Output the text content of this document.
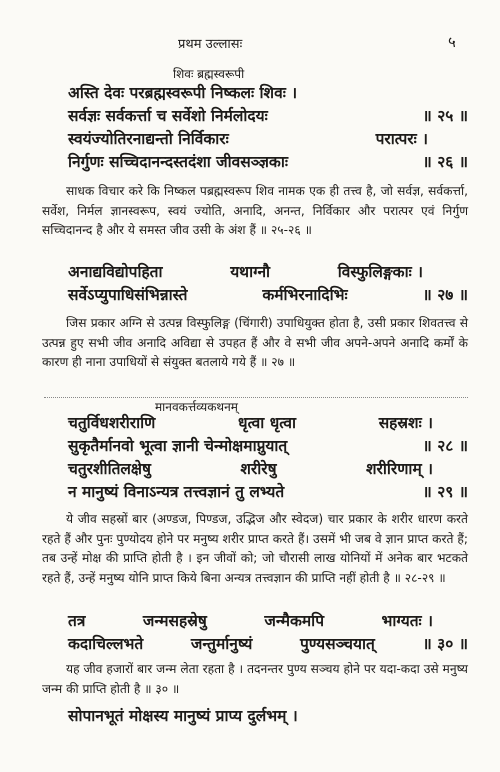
प्रथम उल्लासः	५
शिवः ब्रह्मस्वरूपी
अस्ति देवः परब्रह्मस्वरूपी निष्कलः शिवः ।
सर्वज्ञः सर्वकर्त्ता च सर्वेशो निर्मलोदयः	॥ २५ ॥
स्वयंज्योतिरनाद्यन्तो निर्विकारः	परात्परः ।
निर्गुणः सच्चिदानन्दस्तदंशा जीवसञ्ज्ञकाः	॥ २६ ॥

साधक विचार करे कि निष्कल पब्रह्मस्वरूप शिव नामक एक ही तत्त्व है, जो सर्वज्ञ, सर्वकर्त्ता, सर्वेश, निर्मल ज्ञानस्वरूप, स्वयं ज्योति, अनादि, अनन्त, निर्विकार और परात्पर एवं निर्गुण सच्चिदानन्द है और ये समस्त जीव उसी के अंश हैं ॥ २५-२६ ॥

अनाद्यविद्योपहिता	यथाग्नौ	विस्फुलिङ्गकाः ।
सर्वेऽप्युपाधिसंभिन्नास्ते	कर्मभिरनादिभिः	॥ २७ ॥

जिस प्रकार अग्नि से उत्पन्न विस्फुलिङ्ग (चिंगारी) उपाधियुक्त होता है, उसी प्रकार शिवतत्त्व से उत्पन्न हुए सभी जीव अनादि अविद्या से उपहत हैं और वे सभी जीव अपने-अपने अनादि कर्मों के कारण ही नाना उपाधियों से संयुक्त बतलाये गये हैं ॥ २७ ॥

मानवकर्त्तव्यकथनम्
चतुर्विधशरीराणि	धृत्वा धृत्वा	सहस्रशः ।
सुकृतैर्मानवो भूत्वा ज्ञानी चेन्मोक्षमाप्नुयात्	॥ २८ ॥
चतुरशीतिलक्षेषु	शरीरेषु	शरीरिणाम् ।
न मानुष्यं विनाऽन्यत्र तत्त्वज्ञानं तु लभ्यते	॥ २९ ॥

ये जीव सहस्रों बार (अण्डज, पिण्डज, उद्भिज और स्वेदज) चार प्रकार के शरीर धारण करते रहते हैं और पुनः पुण्योदय होने पर मनुष्य शरीर प्राप्त करते हैं। उसमें भी जब वे ज्ञान प्राप्त करते हैं; तब उन्हें मोक्ष की प्राप्ति होती है । इन जीवों को; जो चौरासी लाख योनियों में अनेक बार भटकते रहते हैं, उन्हें मनुष्य योनि प्राप्त किये बिना अन्यत्र तत्त्वज्ञान की प्राप्ति नहीं होती है ॥ २८-२९ ॥

तत्र	जन्मसहस्रेषु	जन्मैकमपि	भाग्यतः ।
कदाचिल्लभते	जन्तुर्मानुष्यं	पुण्यसञ्चयात्	॥ ३० ॥

यह जीव हजारों बार जन्म लेता रहता है । तदनन्तर पुण्य सञ्चय होने पर यदा-कदा उसे मनुष्य जन्म की प्राप्ति होती है ॥ ३० ॥

सोपानभूतं मोक्षस्य मानुष्यं प्राप्य दुर्लभम् ।
